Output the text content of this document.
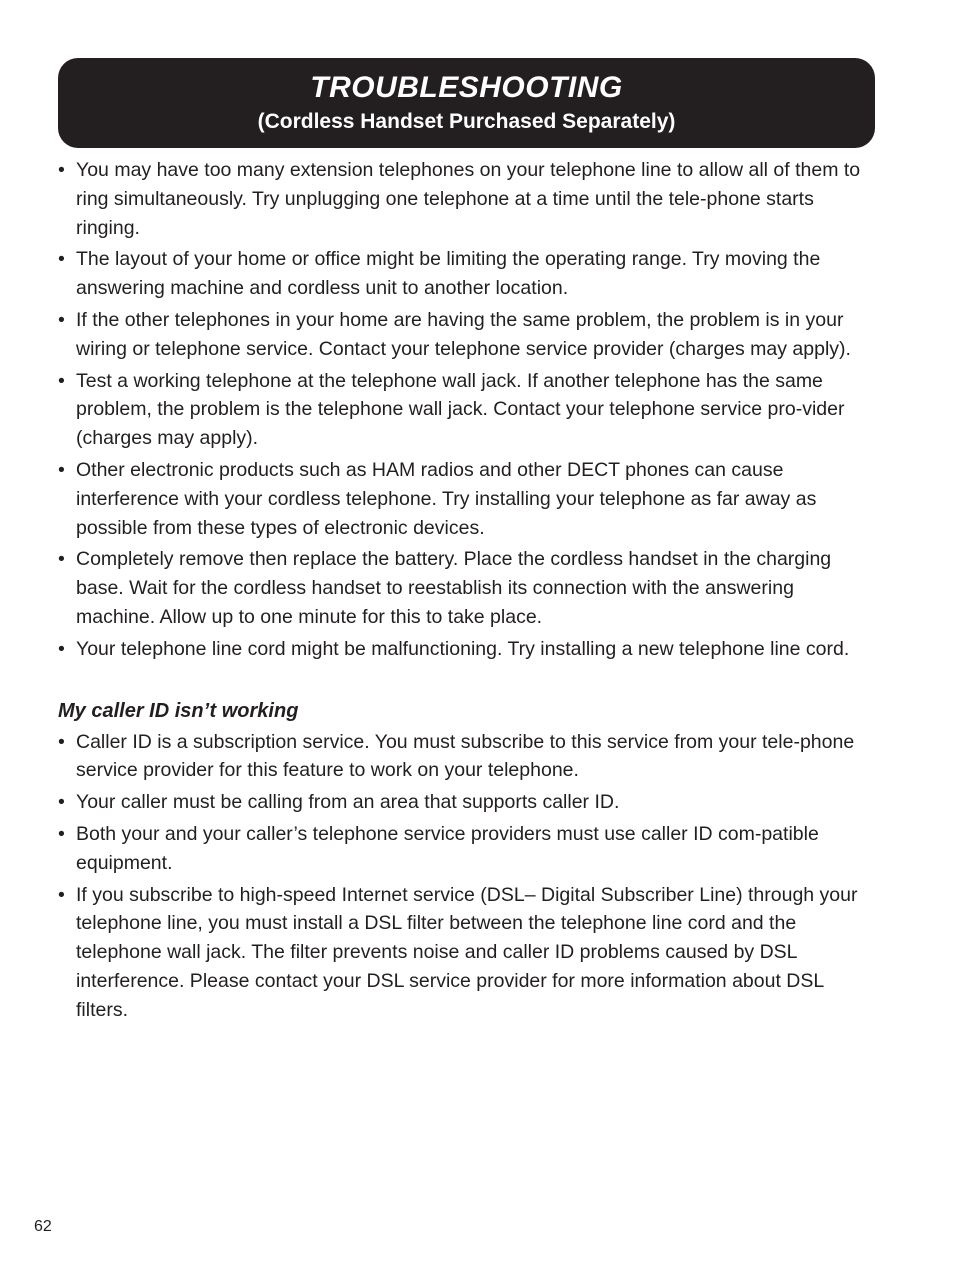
TROUBLESHOOTING
(Cordless Handset Purchased Separately)
• You may have too many extension telephones on your telephone line to allow all of them to ring simultaneously. Try unplugging one telephone at a time until the tele-phone starts ringing.
• The layout of your home or office might be limiting the operating range. Try moving the answering machine and cordless unit to another location.
• If the other telephones in your home are having the same problem, the problem is in your wiring or telephone service. Contact your telephone service provider (charges may apply).
• Test a working telephone at the telephone wall jack. If another telephone has the same problem, the problem is the telephone wall jack. Contact your telephone service pro-vider (charges may apply).
• Other electronic products such as HAM radios and other DECT phones can cause interference with your cordless telephone. Try installing your telephone as far away as possible from these types of electronic devices.
• Completely remove then replace the battery. Place the cordless handset in the charging base. Wait for the cordless handset to reestablish its connection with the answering machine. Allow up to one minute for this to take place.
• Your telephone line cord might be malfunctioning. Try installing a new telephone line cord.
My caller ID isn’t working
• Caller ID is a subscription service. You must subscribe to this service from your tele-phone service provider for this feature to work on your telephone.
• Your caller must be calling from an area that supports caller ID.
• Both your and your caller’s telephone service providers must use caller ID com-patible equipment.
• If you subscribe to high-speed Internet service (DSL– Digital Subscriber Line) through your telephone line, you must install a DSL filter between the telephone line cord and the telephone wall jack. The filter prevents noise and caller ID problems caused by DSL interference. Please contact your DSL service provider for more information about DSL filters.
62
